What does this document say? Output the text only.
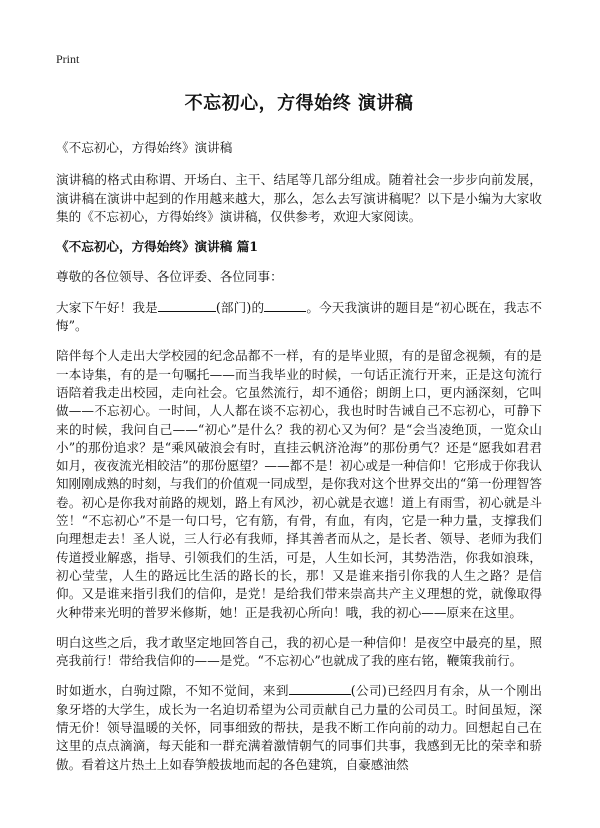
Print
不忘初心，方得始终 演讲稿

《不忘初心，方得始终》演讲稿

演讲稿的格式由称谓、开场白、主干、结尾等几部分组成。随着社会一步步向前发展，演讲稿在演讲中起到的作用越来越大，那么，怎么去写演讲稿呢？以下是小编为大家收集的《不忘初心，方得始终》演讲稿，仅供参考，欢迎大家阅读。

《不忘初心，方得始终》演讲稿 篇1

尊敬的各位领导、各位评委、各位同事：

大家下午好！我是	(部门)的	。今天我演讲的题目是“初心既在，我志不悔”。

陪伴每个人走出大学校园的纪念品都不一样，有的是毕业照，有的是留念视频，有的是一本诗集，有的是一句嘱托——而当我毕业的时候，一句话正流行开来，正是这句流行语陪着我走出校园，走向社会。它虽然流行，却不通俗；朗朗上口，更内涵深刻，它叫做——不忘初心。一时间，人人都在谈不忘初心，我也时时告诫自己不忘初心，可静下来的时候，我问自己——“初心”是什么？我的初心又为何？是“会当凌绝顶，一览众山小”的那份追求？是“乘风破浪会有时，直挂云帆济沧海”的那份勇气？还是“愿我如君君如月，夜夜流光相皎洁”的那份愿望？——都不是！初心或是一种信仰！它形成于你我认知刚刚成熟的时刻，与我们的价值观一同成型，是你我对这个世界交出的“第一份理智答卷。初心是你我对前路的规划，路上有风沙，初心就是衣遮！道上有雨雪，初心就是斗笠！“不忘初心”不是一句口号，它有筋，有骨，有血，有肉，它是一种力量，支撑我们向理想走去！圣人说，三人行必有我师，择其善者而从之，是长者、领导、老师为我们传道授业解惑，指导、引领我们的生活，可是，人生如长河，其势浩浩，你我如浪珠，初心莹莹，人生的路远比生活的路长的长，那！又是谁来指引你我的人生之路？是信仰。又是谁来指引我们的信仰，是党！是给我们带来崇高共产主义理想的党，就像取得火种带来光明的普罗米修斯，她！正是我初心所向！哦，我的初心——原来在这里。

明白这些之后，我才敢坚定地回答自己，我的初心是一种信仰！是夜空中最亮的星，照亮我前行！带给我信仰的——是党。“不忘初心”也就成了我的座右铭，鞭策我前行。

时如逝水，白驹过隙，不知不觉间，来到	(公司)已经四月有余，从一个刚出象牙塔的大学生，成长为一名迫切希望为公司贡献自己力量的公司员工。时间虽短，深情无价！领导温暖的关怀，同事细致的帮扶，是我不断工作向前的动力。回想起自己在这里的点点滴滴，每天能和一群充满着激情朝气的同事们共事，我感到无比的荣幸和骄傲。看着这片热土上如春笋般拔地而起的各色建筑，自豪感油然
